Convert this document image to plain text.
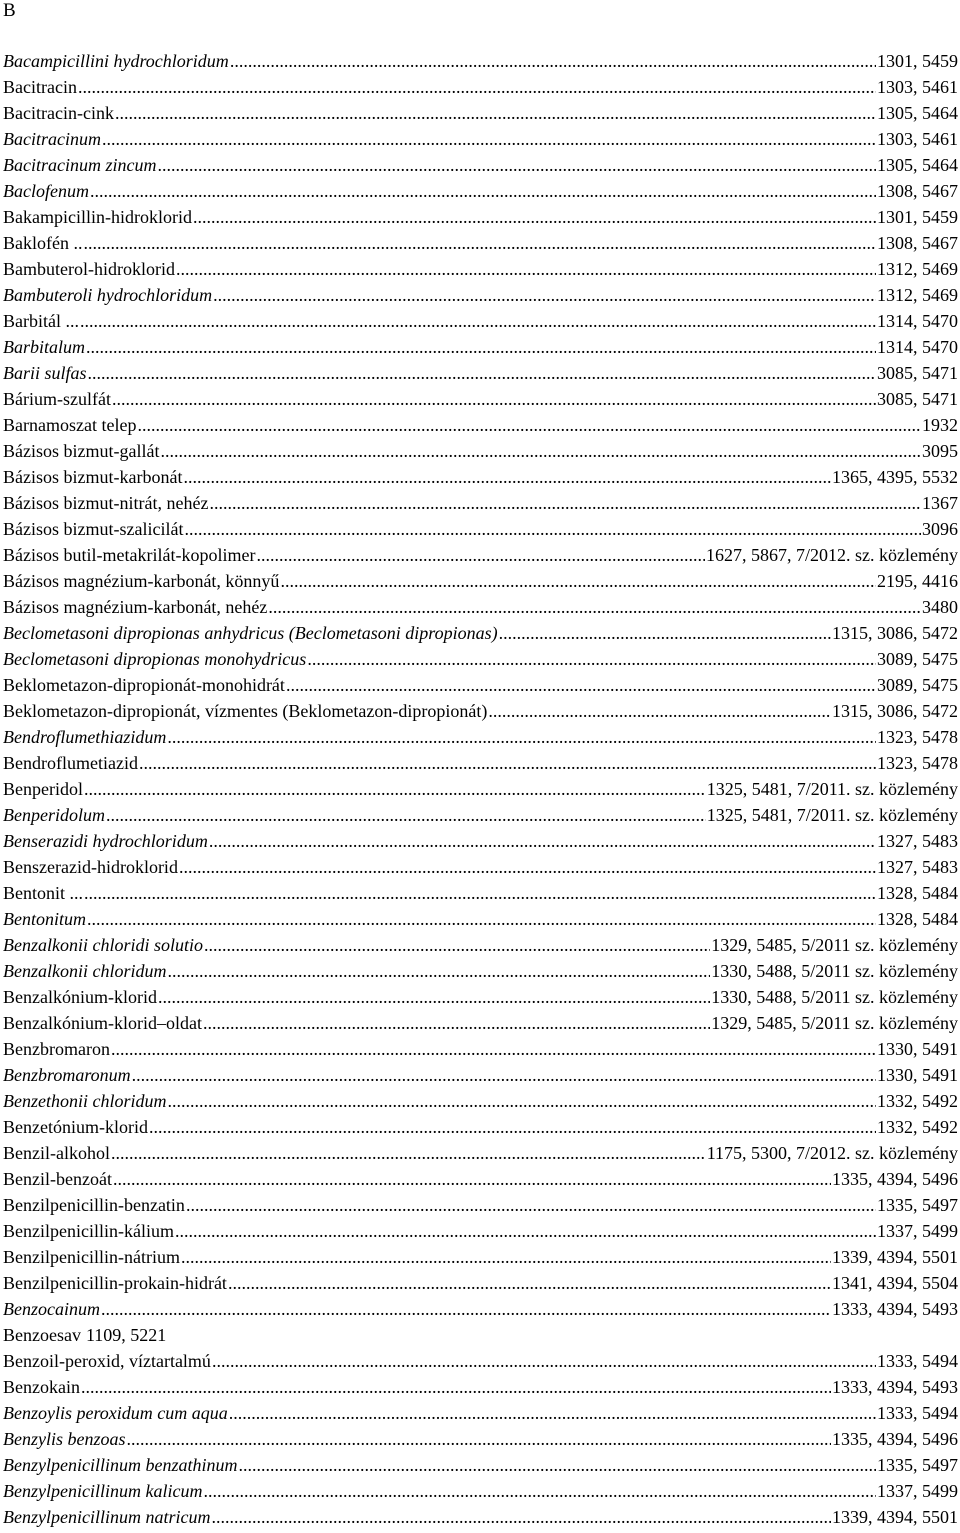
B
Bacampicillini hydrochloridum .....	1301, 5459
Bacitracin .....	1303, 5461
Bacitracin-cink .....	1305, 5464
Bacitracinum .....	1303, 5461
Bacitracinum zincum .....	1305, 5464
Baclofenum .....	1308, 5467
Bakampicillin-hidroklorid .....	1301, 5459
Baklofén .. .....	1308, 5467
Bambuterol-hidroklorid .....	1312, 5469
Bambuteroli hydrochloridum .....	1312, 5469
Barbitál ... .....	1314, 5470
Barbitalum .....	1314, 5470
Barii sulfas .....	3085, 5471
Bárium-szulfát .....	3085, 5471
Barnamoszat telep .....	1932
Bázisos bizmut-gallát .....	3095
Bázisos bizmut-karbonát .....	1365, 4395, 5532
Bázisos bizmut-nitrát, nehéz .....	1367
Bázisos bizmut-szalicilát .....	3096
Bázisos butil-metakrilát-kopolimer .....	1627, 5867, 7/2012. sz. közlemény
Bázisos magnézium-karbonát, könnyű .....	2195, 4416
Bázisos magnézium-karbonát, nehéz .....	3480
Beclometasoni dipropionas anhydricus (Beclometasoni dipropionas) .....	1315, 3086, 5472
Beclometasoni dipropionas monohydricus .....	3089, 5475
Beklometazon-dipropionát-monohidrát .....	3089, 5475
Beklometazon-dipropionát, vízmentes (Beklometazon-dipropionát) .....	1315, 3086, 5472
Bendroflumethiazidum .....	1323, 5478
Bendroflumetiazid .....	1323, 5478
Benperidol .....	1325, 5481, 7/2011. sz. közlemény
Benperidolum .....	1325, 5481, 7/2011. sz. közlemény
Benserazidi hydrochloridum .....	1327, 5483
Benszerazid-hidroklorid .....	1327, 5483
Bentonit ... .....	1328, 5484
Bentonitum .....	1328, 5484
Benzalkonii chloridi solutio .....	1329, 5485, 5/2011 sz. közlemény
Benzalkonii chloridum .....	1330, 5488, 5/2011 sz. közlemény
Benzalkónium-klorid .....	1330, 5488, 5/2011 sz. közlemény
Benzalkónium-klorid–oldat .....	1329, 5485, 5/2011 sz. közlemény
Benzbromaron .....	1330, 5491
Benzbromaronum .....	1330, 5491
Benzethonii chloridum .....	1332, 5492
Benzetónium-klorid .....	1332, 5492
Benzil-alkohol .....	1175, 5300, 7/2012. sz. közlemény
Benzil-benzoát .....	1335, 4394, 5496
Benzilpenicillin-benzatin .....	1335, 5497
Benzilpenicillin-kálium .....	1337, 5499
Benzilpenicillin-nátrium .....	1339, 4394, 5501
Benzilpenicillin-prokain-hidrát .....	1341, 4394, 5504
Benzocainum .....	1333, 4394, 5493
Benzoesav 1109, 5221
Benzoil-peroxid, víztartalmú .....	1333, 5494
Benzokain .....	1333, 4394, 5493
Benzoylis peroxidum cum aqua .....	1333, 5494
Benzylis benzoas .....	1335, 4394, 5496
Benzylpenicillinum benzathinum .....	1335, 5497
Benzylpenicillinum kalicum .....	1337, 5499
Benzylpenicillinum natricum .....	1339, 4394, 5501
